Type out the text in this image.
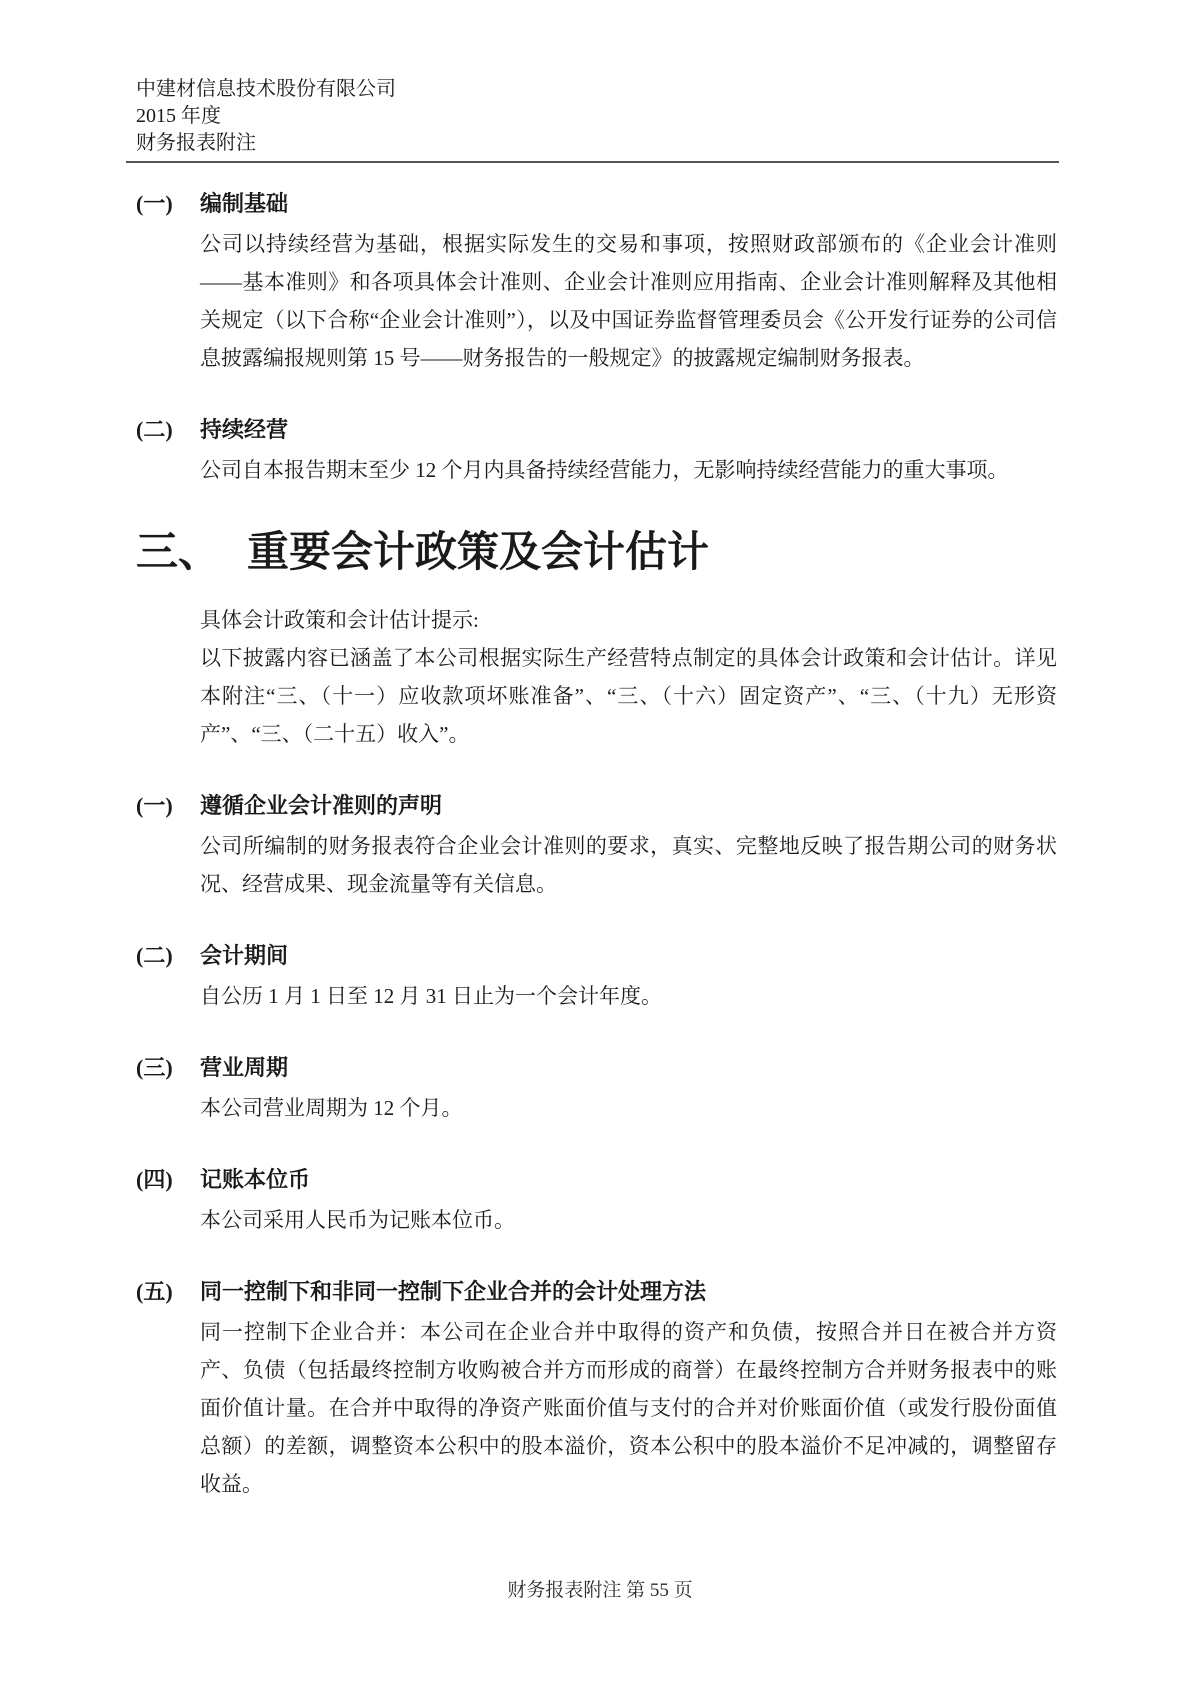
中建材信息技术股份有限公司
2015 年度
财务报表附注
(一)	编制基础

公司以持续经营为基础，根据实际发生的交易和事项，按照财政部颁布的《企业会计准则——基本准则》和各项具体会计准则、企业会计准则应用指南、企业会计准则解释及其他相关规定（以下合称“企业会计准则”），以及中国证券监督管理委员会《公开发行证券的公司信息披露编报规则第 15 号——财务报告的一般规定》的披露规定编制财务报表。

(二)	持续经营

公司自本报告期末至少 12 个月内具备持续经营能力，无影响持续经营能力的重大事项。

三、 重要会计政策及会计估计

具体会计政策和会计估计提示:

以下披露内容已涵盖了本公司根据实际生产经营特点制定的具体会计政策和会计估计。详见本附注“三、（十一）应收款项坏账准备”、“三、（十六）固定资产”、“三、（十九）无形资产”、“三、（二十五）收入”。

(一)	遵循企业会计准则的声明

公司所编制的财务报表符合企业会计准则的要求，真实、完整地反映了报告期公司的财务状况、经营成果、现金流量等有关信息。

(二)	会计期间

自公历 1 月 1 日至 12 月 31 日止为一个会计年度。

(三)	营业周期

本公司营业周期为 12 个月。

(四)	记账本位币

本公司采用人民币为记账本位币。

(五)	同一控制下和非同一控制下企业合并的会计处理方法

同一控制下企业合并：本公司在企业合并中取得的资产和负债，按照合并日在被合并方资产、负债（包括最终控制方收购被合并方而形成的商誉）在最终控制方合并财务报表中的账面价值计量。在合并中取得的净资产账面价值与支付的合并对价账面价值（或发行股份面值总额）的差额，调整资本公积中的股本溢价，资本公积中的股本溢价不足冲减的，调整留存收益。

财务报表附注 第 55 页
